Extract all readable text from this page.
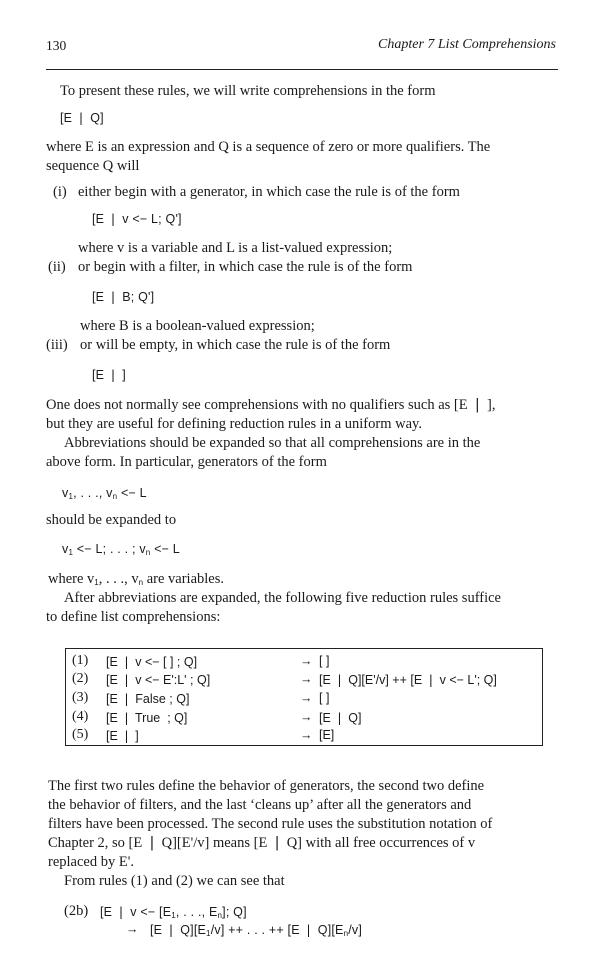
130	Chapter 7 List Comprehensions
To present these rules, we will write comprehensions in the form
[E ❘ Q]
where E is an expression and Q is a sequence of zero or more qualifiers. The
sequence Q will
(i) either begin with a generator, in which case the rule is of the form
[E ❘ v <− L; Q']
where v is a variable and L is a list-valued expression;
(ii) or begin with a filter, in which case the rule is of the form
[E ❘ B; Q']
where B is a boolean-valued expression;
(iii) or will be empty, in which case the rule is of the form
[E ❘ ]
One does not normally see comprehensions with no qualifiers such as [E ❘ ],
but they are useful for defining reduction rules in a uniform way.
Abbreviations should be expanded so that all comprehensions are in the
above form. In particular, generators of the form
$v_1$, . . ., $v_n <- L$
should be expanded to
$v_1 <- L$; . . . ; $v_n <- L$
where $v_1$, . . ., $v_n$ are variables.
After abbreviations are expanded, the following five reduction rules suffice
to define list comprehensions:
(1) [E ❘ v <− [ ] ; Q]	→ [ ]
(2) [E ❘ v <− E':L' ; Q]	→ [E ❘ Q][E'/v] ++ [E ❘ v <− L'; Q]
(3) [E ❘ False ; Q]	→ [ ]
(4) [E ❘ True  ; Q]	→ [E ❘ Q]
(5) [E ❘ ]	→ [E]
The first two rules define the behavior of generators, the second two define
the behavior of filters, and the last ‘cleans up’ after all the generators and
filters have been processed. The second rule uses the substitution notation of
Chapter 2, so [E ❘ Q][E'/v] means [E ❘ Q] with all free occurrences of v
replaced by E'.
From rules (1) and (2) we can see that
(2b) [E ❘ $v <- [E_1$, . . ., $E_n$]; Q]
→ [E ❘ $Q][E_1/v]$ ++ . . . ++ [E ❘ $Q][E_n/v]$
